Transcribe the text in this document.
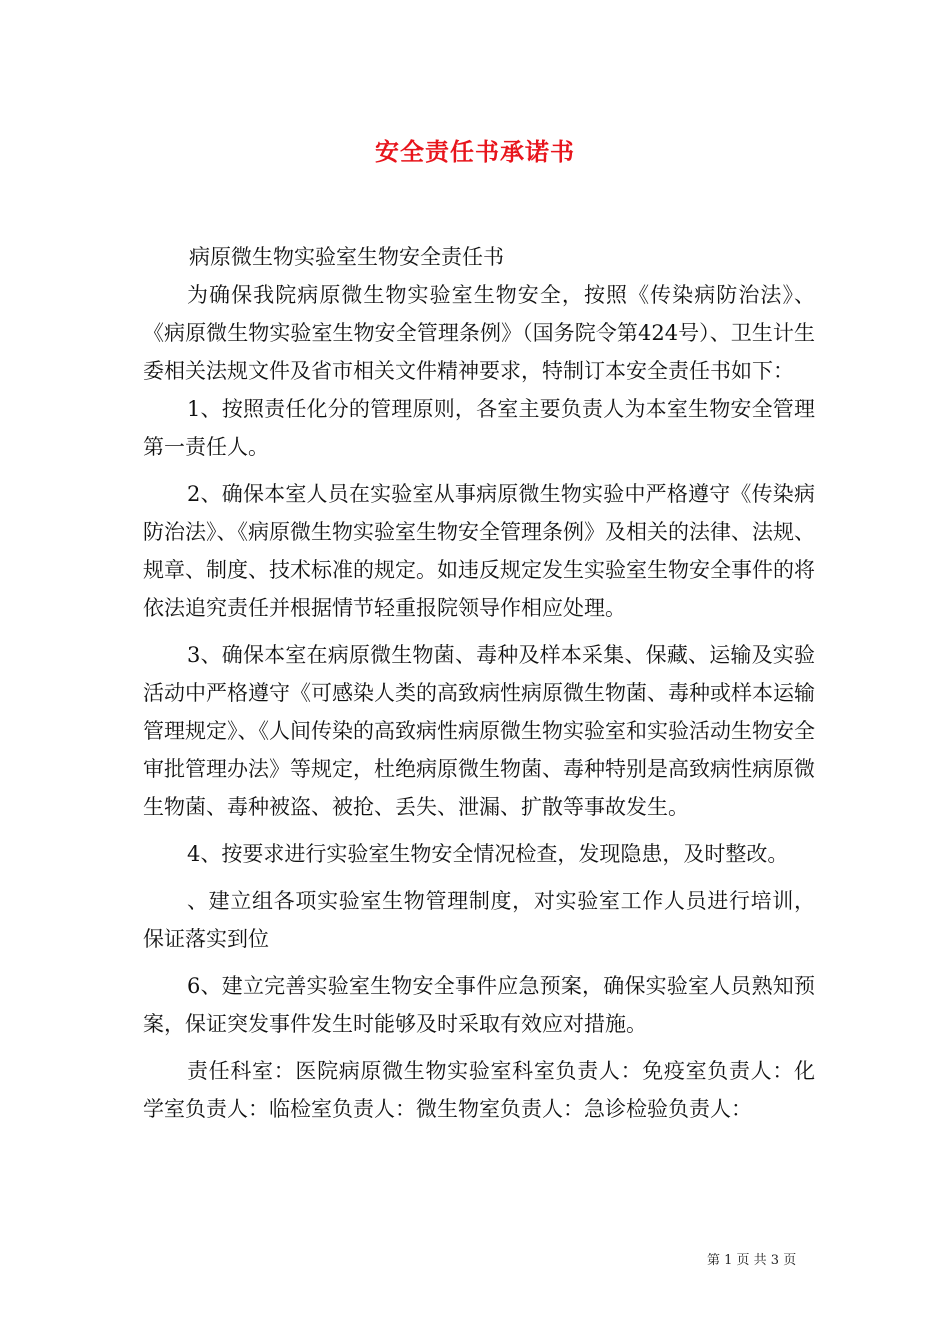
安全责任书承诺书

病原微生物实验室生物安全责任书

为确保我院病原微生物实验室生物安全，按照《传染病防治法》、《病原微生物实验室生物安全管理条例》（国务院令第424号）、卫生计生委相关法规文件及省市相关文件精神要求，特制订本安全责任书如下：

1、按照责任化分的管理原则，各室主要负责人为本室生物安全管理第一责任人。

2、确保本室人员在实验室从事病原微生物实验中严格遵守《传染病防治法》、《病原微生物实验室生物安全管理条例》及相关的法律、法规、规章、制度、技术标准的规定。如违反规定发生实验室生物安全事件的将依法追究责任并根据情节轻重报院领导作相应处理。

3、确保本室在病原微生物菌、毒种及样本采集、保藏、运输及实验活动中严格遵守《可感染人类的高致病性病原微生物菌、毒种或样本运输管理规定》、《人间传染的高致病性病原微生物实验室和实验活动生物安全审批管理办法》等规定，杜绝病原微生物菌、毒种特别是高致病性病原微生物菌、毒种被盗、被抢、丢失、泄漏、扩散等事故发生。

4、按要求进行实验室生物安全情况检查，发现隐患，及时整改。

、建立组各项实验室生物管理制度，对实验室工作人员进行培训，保证落实到位

6、建立完善实验室生物安全事件应急预案，确保实验室人员熟知预案，保证突发事件发生时能够及时采取有效应对措施。

责任科室：医院病原微生物实验室科室负责人：免疫室负责人：化学室负责人：临检室负责人：微生物室负责人：急诊检验负责人：

第 1 页 共 3 页
